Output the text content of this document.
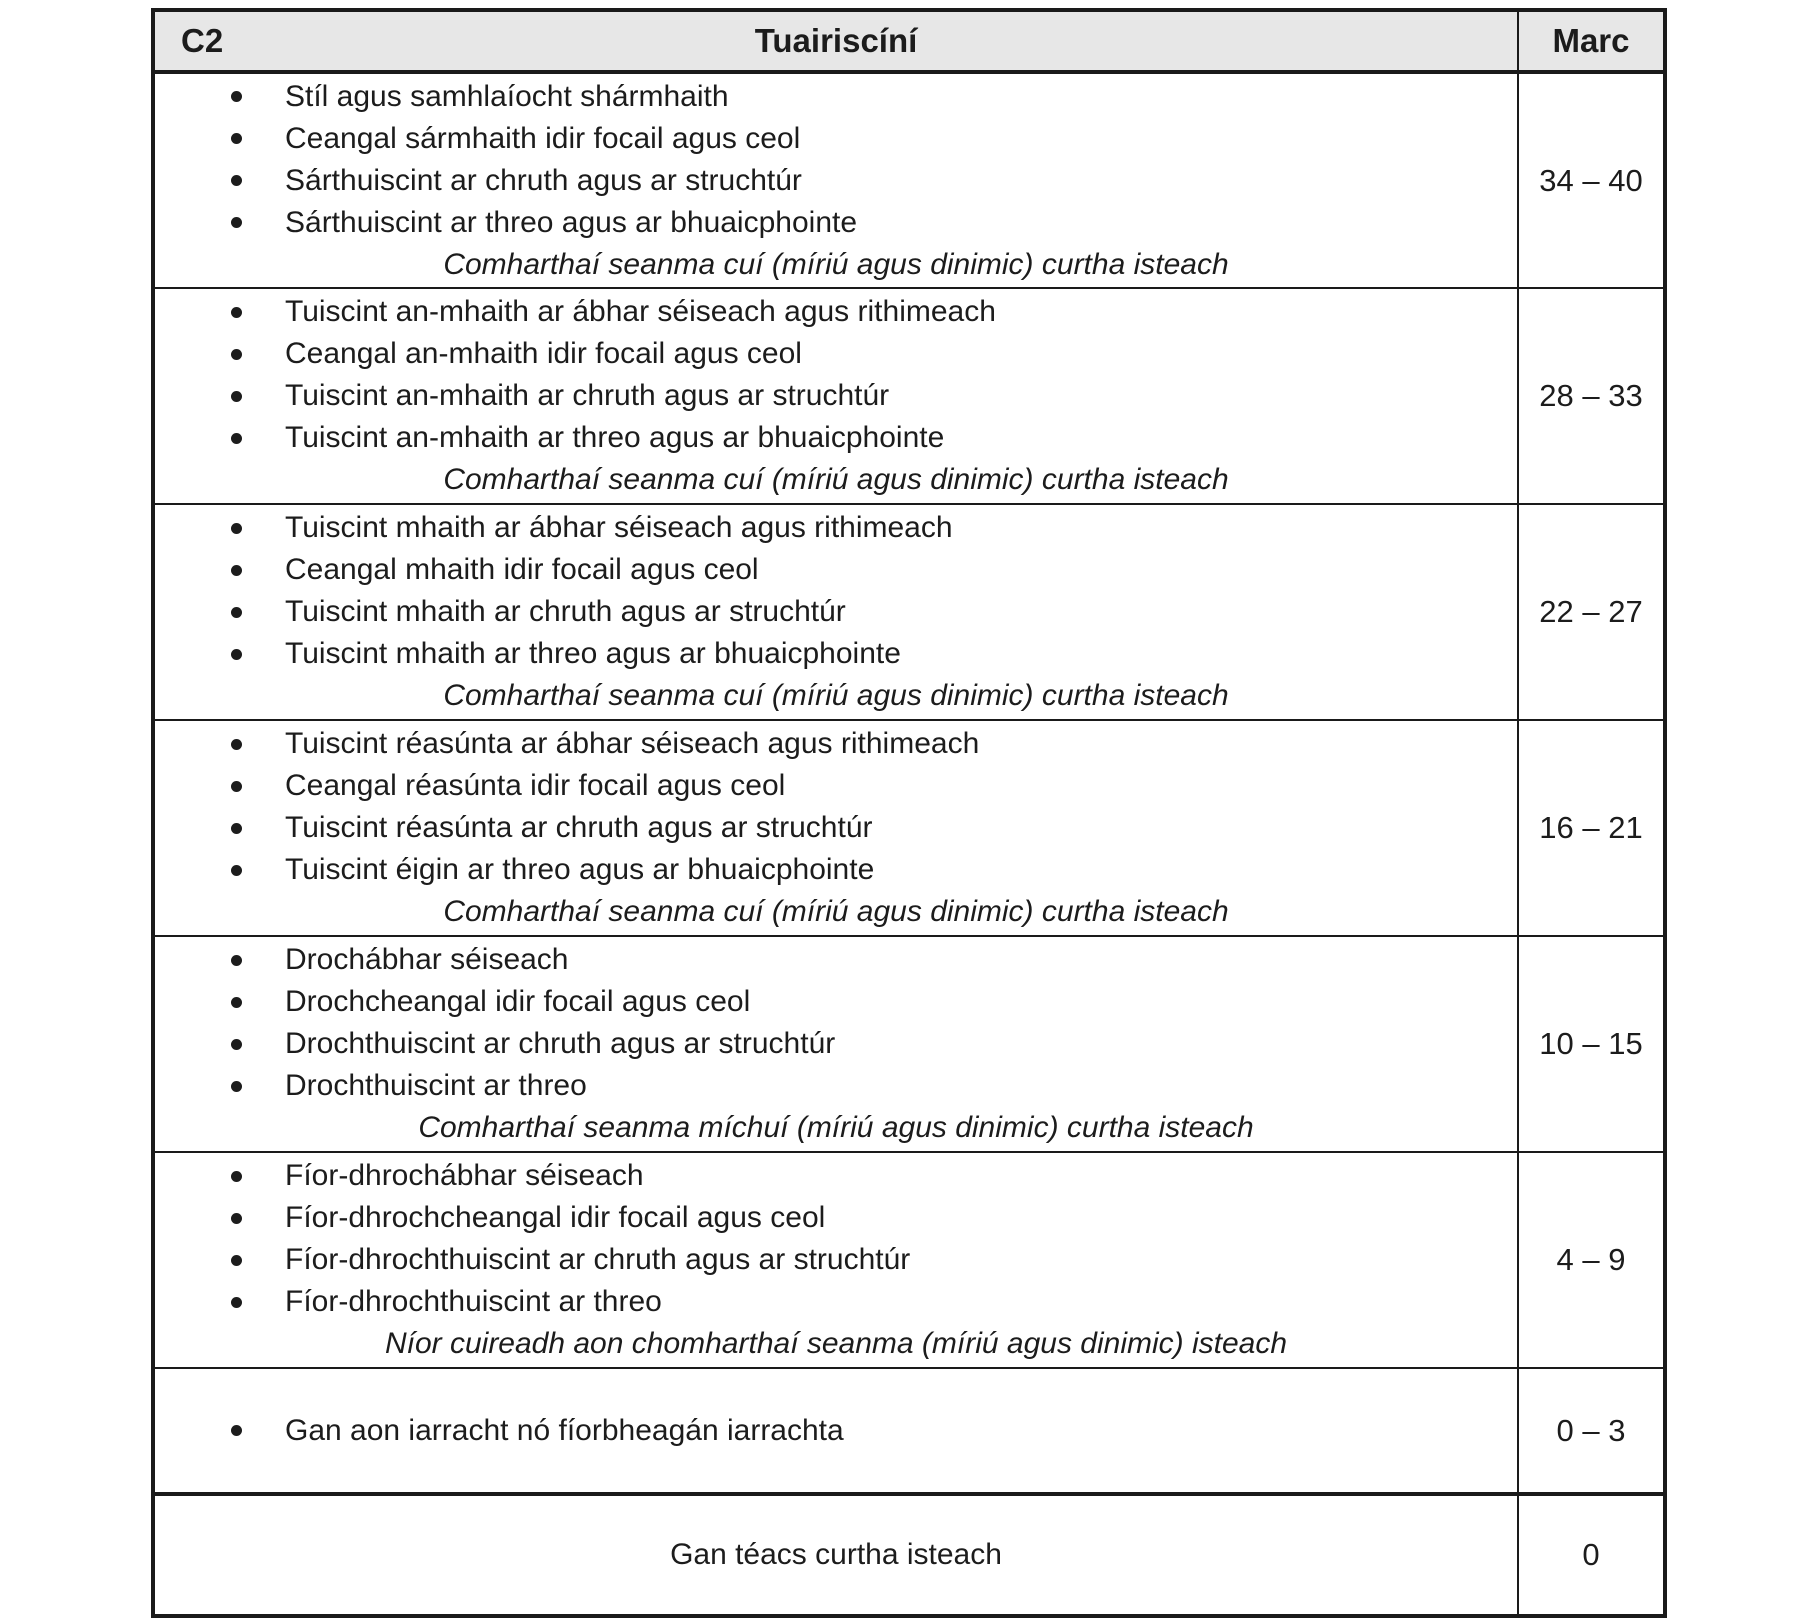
C2 Tuairiscíní	Marc

Stíl agus samhlaíocht shármhaith
Ceangal sármhaith idir focail agus ceol
Sárthuiscint ar chruth agus ar struchtúr
Sárthuiscint ar threo agus ar bhuaicphointe
Comharthaí seanma cuí (míriú agus dinimic) curtha isteach	34 – 40

Tuiscint an-mhaith ar ábhar séiseach agus rithimeach
Ceangal an-mhaith idir focail agus ceol
Tuiscint an-mhaith ar chruth agus ar struchtúr
Tuiscint an-mhaith ar threo agus ar bhuaicphointe
Comharthaí seanma cuí (míriú agus dinimic) curtha isteach	28 – 33

Tuiscint mhaith ar ábhar séiseach agus rithimeach
Ceangal mhaith idir focail agus ceol
Tuiscint mhaith ar chruth agus ar struchtúr
Tuiscint mhaith ar threo agus ar bhuaicphointe
Comharthaí seanma cuí (míriú agus dinimic) curtha isteach	22 – 27

Tuiscint réasúnta ar ábhar séiseach agus rithimeach
Ceangal réasúnta idir focail agus ceol
Tuiscint réasúnta ar chruth agus ar struchtúr
Tuiscint éigin ar threo agus ar bhuaicphointe
Comharthaí seanma cuí (míriú agus dinimic) curtha isteach	16 – 21

Drochábhar séiseach
Drochcheangal idir focail agus ceol
Drochthuiscint ar chruth agus ar struchtúr
Drochthuiscint ar threo
Comharthaí seanma míchuí (míriú agus dinimic) curtha isteach	10 – 15

Fíor-dhrochábhar séiseach
Fíor-dhrochcheangal idir focail agus ceol
Fíor-dhrochthuiscint ar chruth agus ar struchtúr
Fíor-dhrochthuiscint ar threo
Níor cuireadh aon chomharthaí seanma (míriú agus dinimic) isteach	4 – 9

Gan aon iarracht nó fíorbheagán iarrachta	0 – 3
Gan téacs curtha isteach	0
